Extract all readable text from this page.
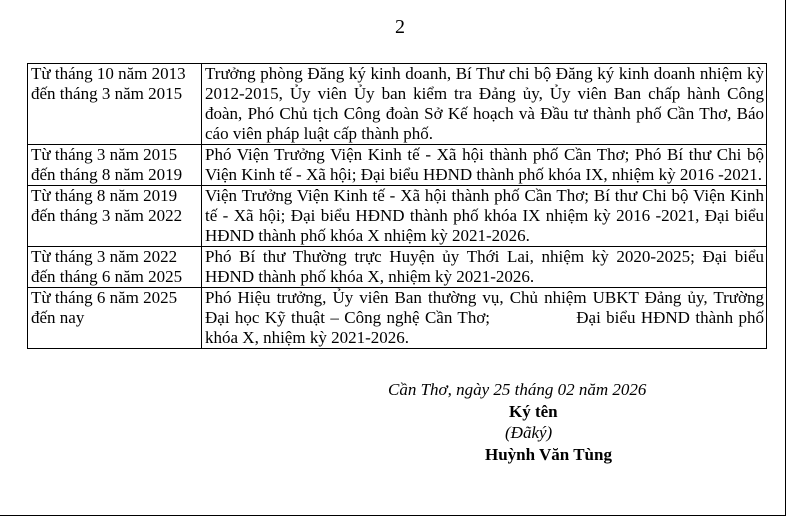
2
Từ tháng 10 năm 2013 đến tháng 3 năm 2015	Trưởng phòng Đăng ký kinh doanh, Bí Thư chi bộ Đăng ký kinh doanh nhiệm kỳ 2012-2015, Ủy viên Ủy ban kiểm tra Đảng ủy, Ủy viên Ban chấp hành Công đoàn, Phó Chủ tịch Công đoàn Sở Kế hoạch và Đầu tư thành phố Cần Thơ, Báo cáo viên pháp luật cấp thành phố.
Từ tháng 3 năm 2015 đến tháng 8 năm 2019	Phó Viện Trưởng Viện Kinh tế - Xã hội thành phố Cần Thơ; Phó Bí thư Chi bộ Viện Kinh tế - Xã hội; Đại biểu HĐND thành phố khóa IX, nhiệm kỳ 2016 -2021.
Từ tháng 8 năm 2019 đến tháng 3 năm 2022	Viện Trưởng Viện Kinh tế - Xã hội thành phố Cần Thơ; Bí thư Chi bộ Viện Kinh tế - Xã hội; Đại biểu HĐND thành phố khóa IX nhiệm kỳ 2016 -2021, Đại biểu HĐND thành phố khóa X nhiệm kỳ 2021-2026.
Từ tháng 3 năm 2022 đến tháng 6 năm 2025	Phó Bí thư Thường trực Huyện ủy Thới Lai, nhiệm kỳ 2020-2025; Đại biểu HĐND thành phố khóa X, nhiệm kỳ 2021-2026.
Từ tháng 6 năm 2025 đến nay	Phó Hiệu trưởng, Ủy viên Ban thường vụ, Chủ nhiệm UBKT Đảng ủy, Trường Đại học Kỹ thuật – Công nghệ Cần Thơ;                Đại biểu HĐND thành phố khóa X, nhiệm kỳ 2021-2026.
Cần Thơ, ngày 25 tháng 02 năm 2026
Ký tên
(Đãký)
Huỳnh Văn Tùng
